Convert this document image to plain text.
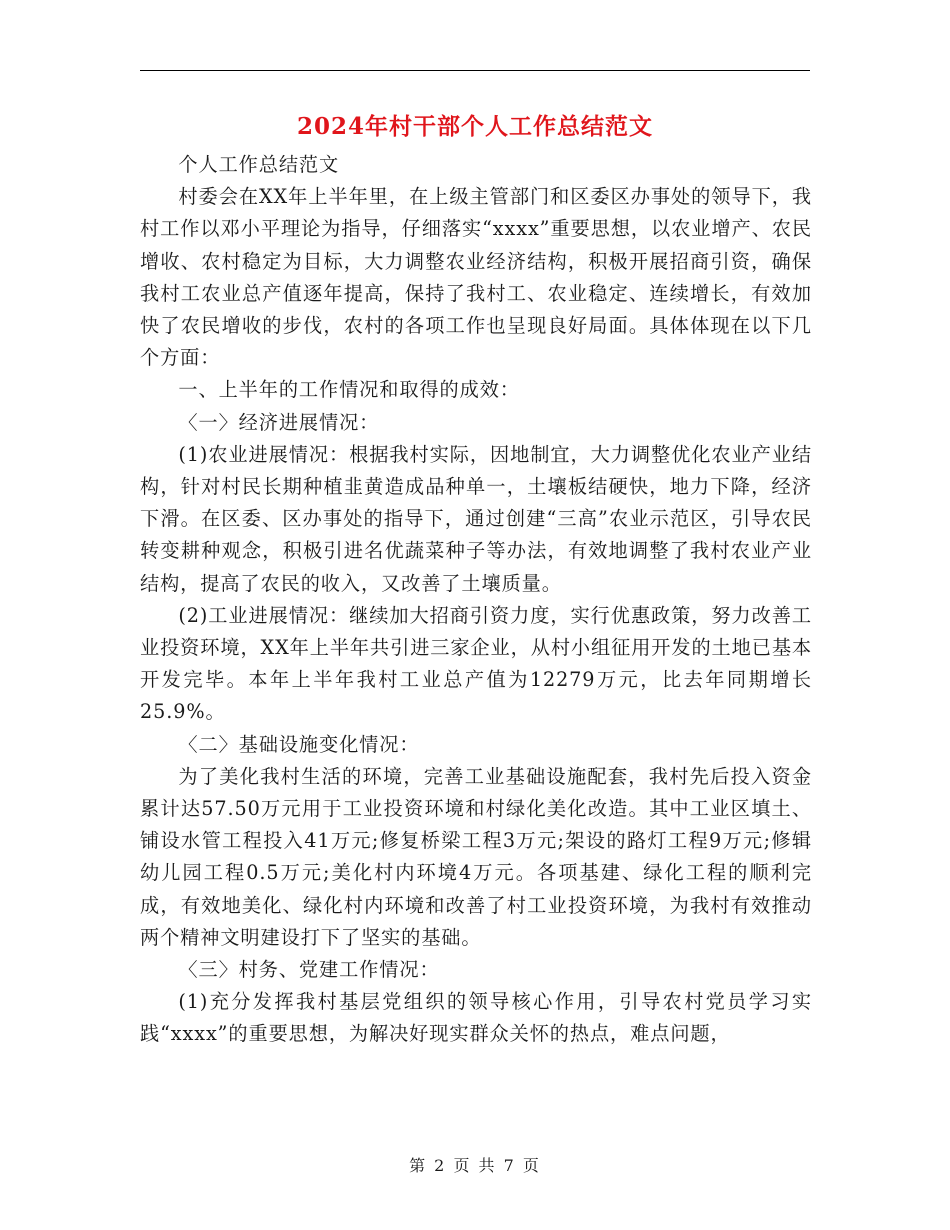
2024年村干部个人工作总结范文

个人工作总结范文

村委会在XX年上半年里，在上级主管部门和区委区办事处的领导下，我村工作以邓小平理论为指导，仔细落实“xxxx”重要思想，以农业增产、农民增收、农村稳定为目标，大力调整农业经济结构，积极开展招商引资，确保我村工农业总产值逐年提高，保持了我村工、农业稳定、连续增长，有效加快了农民增收的步伐，农村的各项工作也呈现良好局面。具体体现在以下几个方面：

一、上半年的工作情况和取得的成效：

〈一〉经济进展情况：

(1)农业进展情况：根据我村实际，因地制宜，大力调整优化农业产业结构，针对村民长期种植韭黄造成品种单一，土壤板结硬快，地力下降，经济下滑。在区委、区办事处的指导下，通过创建“三高”农业示范区，引导农民转变耕种观念，积极引进名优蔬菜种子等办法，有效地调整了我村农业产业结构，提高了农民的收入，又改善了土壤质量。

(2)工业进展情况：继续加大招商引资力度，实行优惠政策，努力改善工业投资环境，XX年上半年共引进三家企业，从村小组征用开发的土地已基本开发完毕。本年上半年我村工业总产值为12279万元，比去年同期增长25.9%。

〈二〉基础设施变化情况：

为了美化我村生活的环境，完善工业基础设施配套，我村先后投入资金累计达57.50万元用于工业投资环境和村绿化美化改造。其中工业区填土、铺设水管工程投入41万元;修复桥梁工程3万元;架设的路灯工程9万元;修辑幼儿园工程0.5万元;美化村内环境4万元。各项基建、绿化工程的顺利完成，有效地美化、绿化村内环境和改善了村工业投资环境，为我村有效推动两个精神文明建设打下了坚实的基础。

〈三〉村务、党建工作情况：

(1)充分发挥我村基层党组织的领导核心作用，引导农村党员学习实践“xxxx”的重要思想，为解决好现实群众关怀的热点，难点问题，

第 2 页 共 7 页
